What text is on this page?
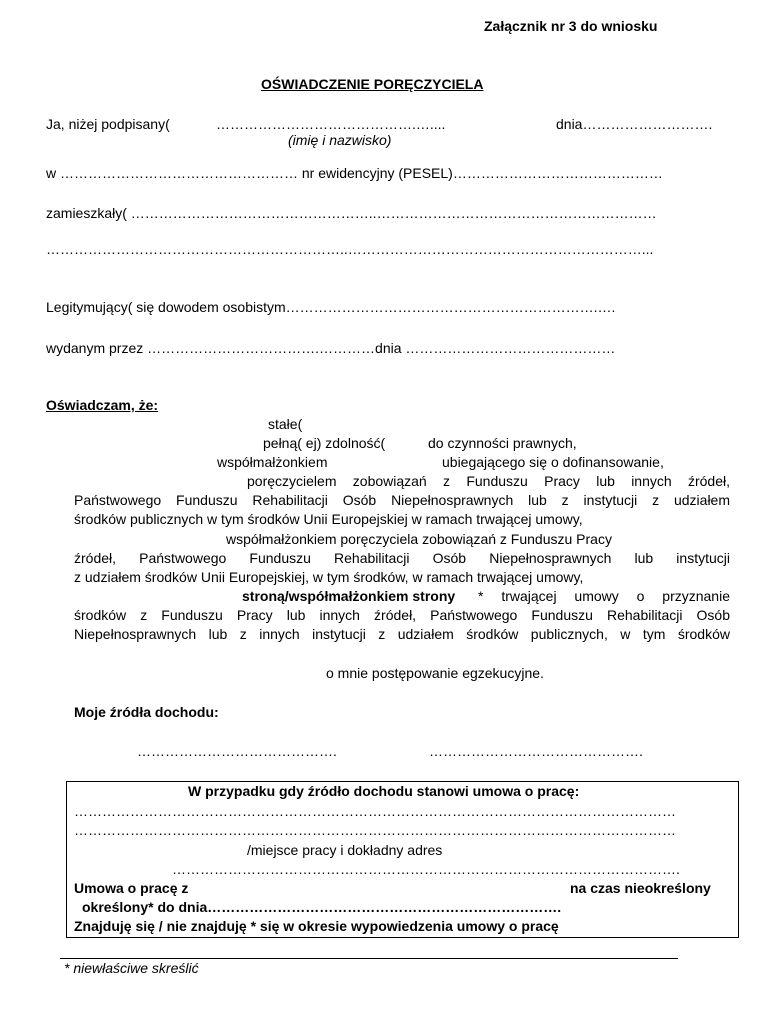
Załącznik nr 3 do wniosku
OŚWIADCZENIE PORĘCZYCIELA
Ja, niżej podpisany(	…………………………………….…....	dnia……………………….
(imię i nazwisko)
w …………………………………………… nr ewidencyjny (PESEL)………………………………………
zamieszkały( ……………………………………………..……………………………………………………
………………………………………………………..………………………………………………………...
Legitymujący( się dowodem osobistym………………………………………………………….….
wydanym przez ……………………………….…………dnia ………………………………………
Oświadczam, że:
stałe(
pełną( ej) zdolność(	do czynności prawnych,
współmałżonkiem	ubiegającego się o dofinansowanie,
poręczycielem zobowiązań z Funduszu Pracy lub innych źródeł,
Państwowego Funduszu Rehabilitacji Osób Niepełnosprawnych lub z instytucji z udziałem
środków publicznych w tym środków Unii Europejskiej w ramach trwającej umowy,
współmałżonkiem poręczyciela zobowiązań z Funduszu Pracy
źródeł, Państwowego Funduszu Rehabilitacji Osób Niepełnosprawnych lub instytucji
z udziałem środków Unii Europejskiej, w tym środków, w ramach trwającej umowy,
stroną/współmałżonkiem strony * trwającej umowy o przyznanie
środków z Funduszu Pracy lub innych źródeł, Państwowego Funduszu Rehabilitacji Osób
Niepełnosprawnych lub z innych instytucji z udziałem środków publicznych, w tym środków
o mnie postępowanie egzekucyjne.
Moje źródła dochodu:
…………………………………….	……………………………………….
W przypadku gdy źródło dochodu stanowi umowa o pracę:
…………………………………………………………………………………………………………………
…………………………………………………………………………………………………………………
/miejsce pracy i dokładny adres
……………………………………………………………………………………………….
Umowa o pracę z	na czas nieokreślony
określony* do dnia………………………………………………………………….
Znajduję się / nie znajduję * się w okresie wypowiedzenia umowy o pracę
* niewłaściwe skreślić
